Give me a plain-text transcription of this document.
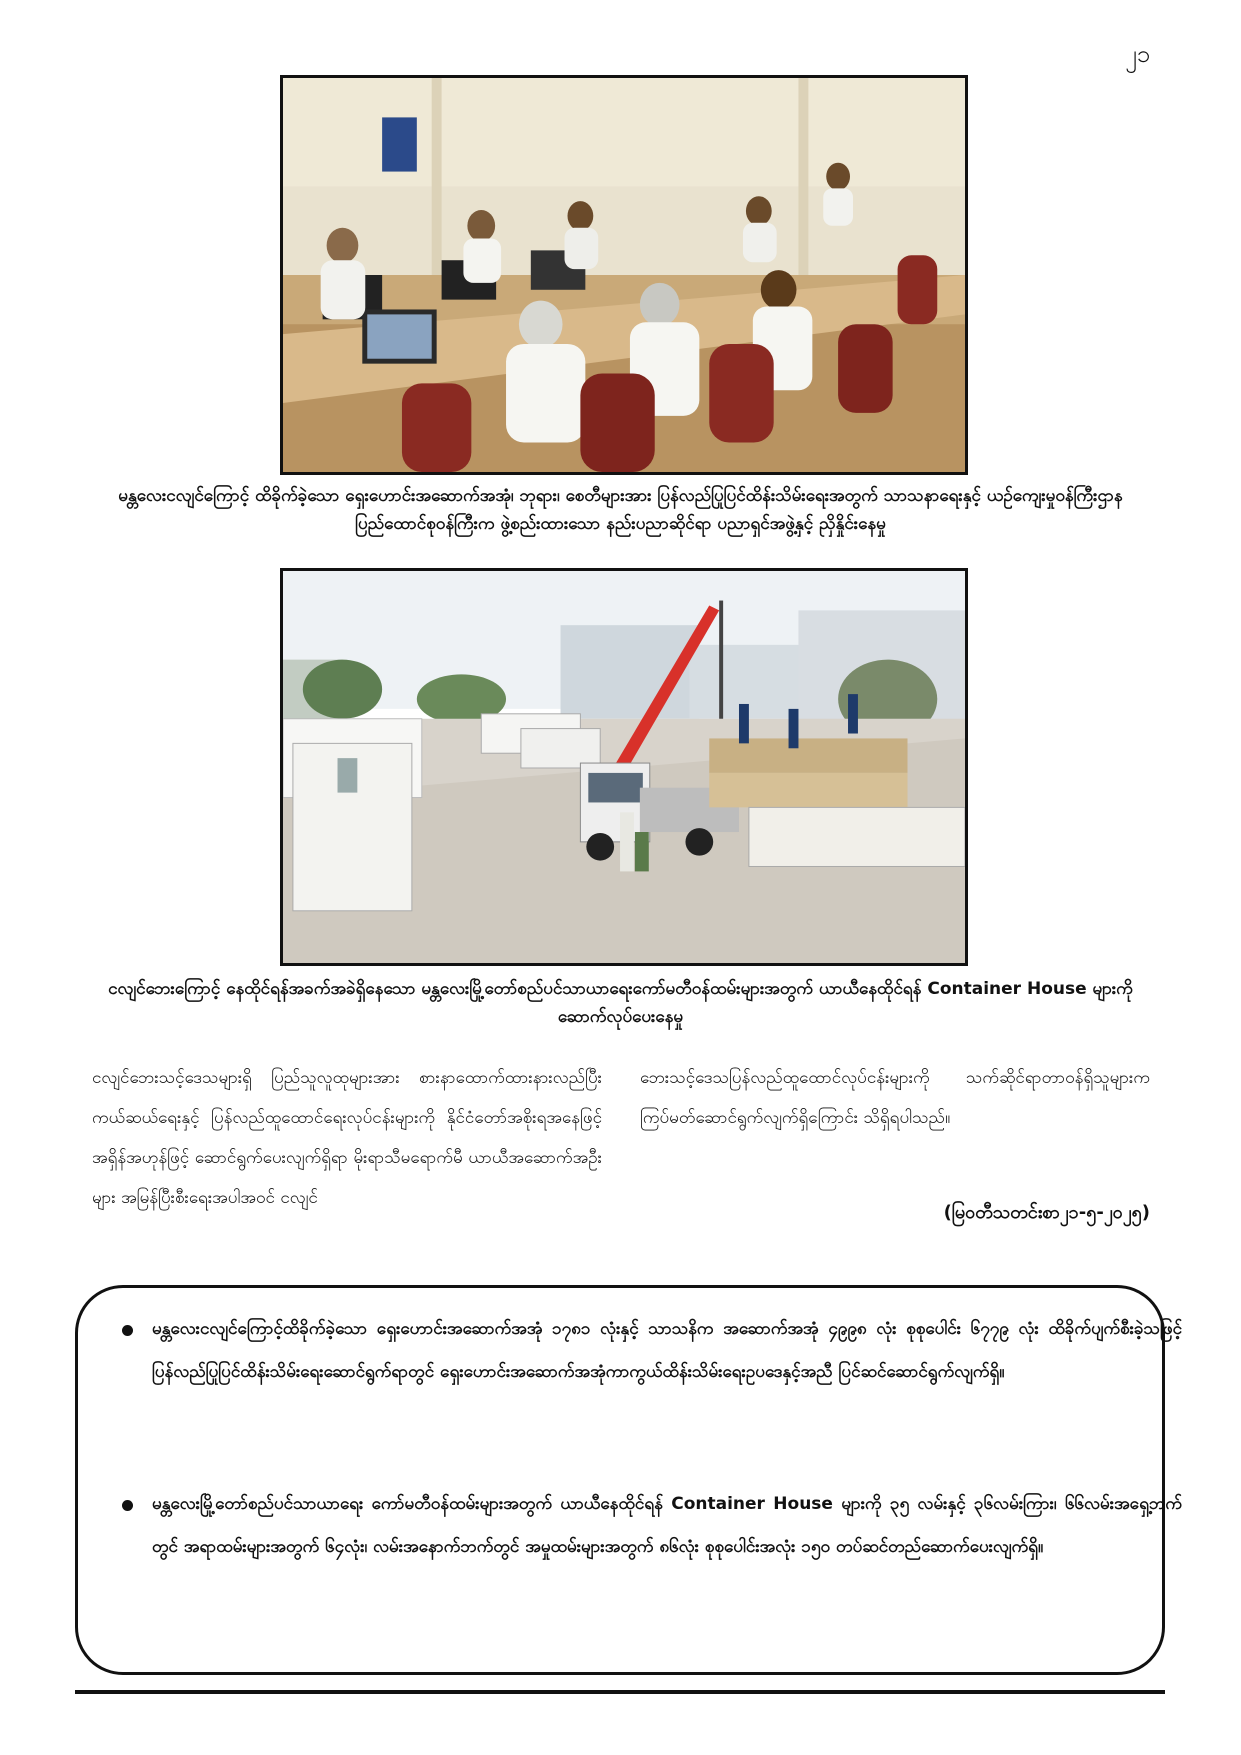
၂၁
မန္တလေးငလျင်ကြောင့် ထိခိုက်ခဲ့သော ရှေးဟောင်းအဆောက်အအုံ၊ ဘုရား၊ စေတီများအား ပြန်လည်ပြုပြင်ထိန်းသိမ်းရေးအတွက် သာသနာရေးနှင့် ယဉ်ကျေးမှုဝန်ကြီးဌာန ပြည်ထောင်စုဝန်ကြီးက ဖွဲ့စည်းထားသော နည်းပညာဆိုင်ရာ ပညာရှင်အဖွဲ့နှင့် ညှိနှိုင်းနေမှု
ငလျင်ဘေးကြောင့် နေထိုင်ရန်အခက်အခဲရှိနေသော မန္တလေးမြို့တော်စည်ပင်သာယာရေးကော်မတီဝန်ထမ်းများအတွက် ယာယီနေထိုင်ရန် Container House များကို ဆောက်လုပ်ပေးနေမှု
ငလျင်ဘေးသင့်ဒေသများရှိ ပြည်သူလူထုများအား စားနာထောက်ထားနားလည်ပြီး ကယ်ဆယ်ရေးနှင့် ပြန်လည်ထူထောင်ရေးလုပ်ငန်းများကို နိုင်ငံတော်အစိုးရအနေဖြင့် အရှိန်အဟုန်ဖြင့် ဆောင်ရွက်ပေးလျက်ရှိရာ မိုးရာသီမရောက်မီ ယာယီအဆောက်အဦးများ အမြန်ပြီးစီးရေးအပါအဝင် ငလျင်
ဘေးသင့်ဒေသပြန်လည်ထူထောင်လုပ်ငန်းများကို သက်ဆိုင်ရာတာဝန်ရှိသူများက ကြပ်မတ်ဆောင်ရွက်လျက်ရှိကြောင်း သိရှိရပါသည်။
(မြဝတီသတင်းစာ၂၁-၅-၂၀၂၅)
မန္တလေးငလျင်ကြောင့်ထိခိုက်ခဲ့သော ရှေးဟောင်းအဆောက်အအုံ ၁၇၈၁ လုံးနှင့် သာသနိက အဆောက်အအုံ ၄၉၉၈ လုံး စုစုပေါင်း ၆၇၇၉ လုံး ထိခိုက်ပျက်စီးခဲ့သဖြင့် ပြန်လည်ပြုပြင်ထိန်းသိမ်းရေးဆောင်ရွက်ရာတွင် ရှေးဟောင်းအဆောက်အအုံကာကွယ်ထိန်းသိမ်းရေးဥပဒေနှင့်အညီ ပြင်ဆင်ဆောင်ရွက်လျက်ရှိ။
မန္တလေးမြို့တော်စည်ပင်သာယာရေး ကော်မတီဝန်ထမ်းများအတွက် ယာယီနေထိုင်ရန် Container House များကို ၃၅ လမ်းနှင့် ၃၆လမ်းကြား၊ ၆၆လမ်းအရှေ့ဘက်တွင် အရာထမ်းများအတွက် ၆၄လုံး၊ လမ်းအနောက်ဘက်တွင် အမှုထမ်းများအတွက် ၈၆လုံး စုစုပေါင်းအလုံး ၁၅၀ တပ်ဆင်တည်ဆောက်ပေးလျက်ရှိ။
